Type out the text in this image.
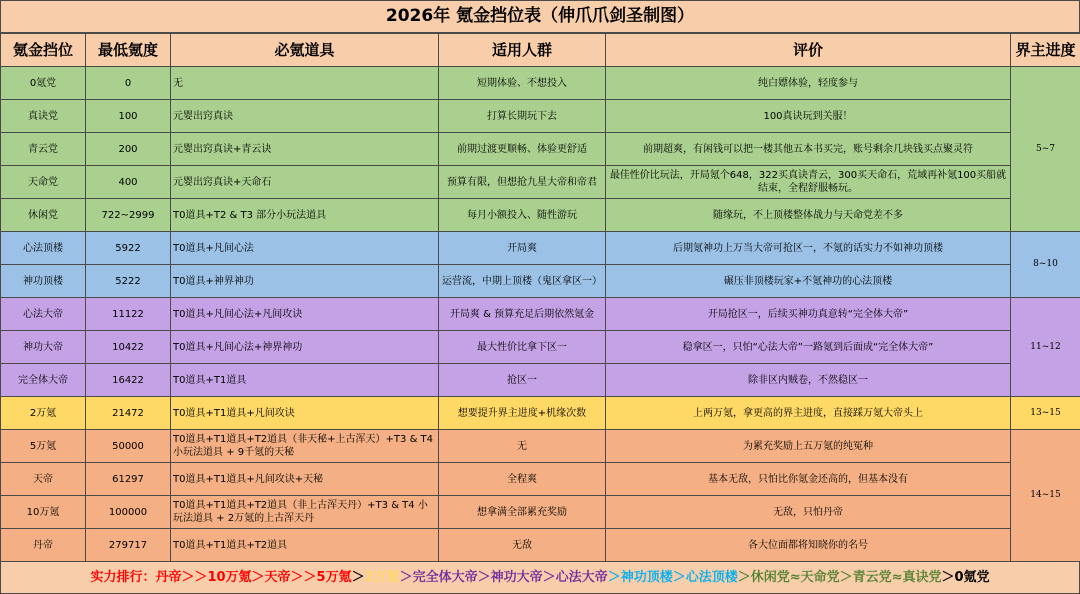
2026年 氪金挡位表（伸爪爪剑圣制图）
氪金挡位	最低氪度	必氪道具	适用人群	评价	界主进度
0氪党	0	无	短期体验、不想投入	纯白嫖体验，轻度参与	5~7
真诀党	100	元婴出窍真诀	打算长期玩下去	100真诀玩到关服！	
青云党	200	元婴出窍真诀+青云诀	前期过渡更顺畅、体验更舒适	前期超爽，有闲钱可以把一楼其他五本书买完，账号剩余几块钱买点聚灵符	
天命党	400	元婴出窍真诀+天命石	预算有限，但想抢九星大帝和帝君	最佳性价比玩法，开局氪个648，322买真诀青云，300买天命石，荒域再补氪100买船就结束，全程舒服畅玩。	
休闲党	722~2999	T0道具+T2 & T3 部分小玩法道具	每月小额投入、随性游玩	随缘玩，不上顶楼整体战力与天命党差不多	
心法顶楼	5922	T0道具+凡间心法	开局爽	后期氪神功上万当大帝可抢区一，不氪的话实力不如神功顶楼	8~10
神功顶楼	5222	T0道具+神界神功	运营流，中期上顶楼（鬼区拿区一）	碾压非顶楼玩家+不氪神功的心法顶楼	
心法大帝	11122	T0道具+凡间心法+凡间攻诀	开局爽 & 预算充足后期依然氪金	开局抢区一，后续买神功真意转“完全体大帝”	11~12
神功大帝	10422	T0道具+凡间心法+神界神功	最大性价比拿下区一	稳拿区一，只怕“心法大帝”一路氪到后面成“完全体大帝”	
完全体大帝	16422	T0道具+T1道具	抢区一	除非区内贼卷，不然稳区一	
2万氪	21472	T0道具+T1道具+凡间攻诀	想要提升界主进度+机缘次数	上两万氪，拿更高的界主进度，直接踩万氪大帝头上	13~15
5万氪	50000	T0道具+T1道具+T2道具（非天秘+上古浑天）+T3 & T4 小玩法道具 + 9千氪的天秘	无	为累充奖励上五万氪的纯冤种	14~15
天帝	61297	T0道具+T1道具+凡间攻诀+天秘	全程爽	基本无敌，只怕比你氪金还高的，但基本没有	
10万氪	100000	T0道具+T1道具+T2道具（非上古浑天丹）+T3 & T4 小玩法道具 + 2万氪的上古浑天丹	想拿满全部累充奖励	无敌，只怕丹帝	
丹帝	279717	T0道具+T1道具+T2道具	无敌	各大位面都将知晓你的名号	
实力排行：丹帝＞＞10万氪＞天帝＞＞5万氪＞2万氪＞完全体大帝＞神功大帝＞心法大帝＞神功顶楼＞心法顶楼＞休闲党≈天命党＞青云党≈真诀党＞0氪党
